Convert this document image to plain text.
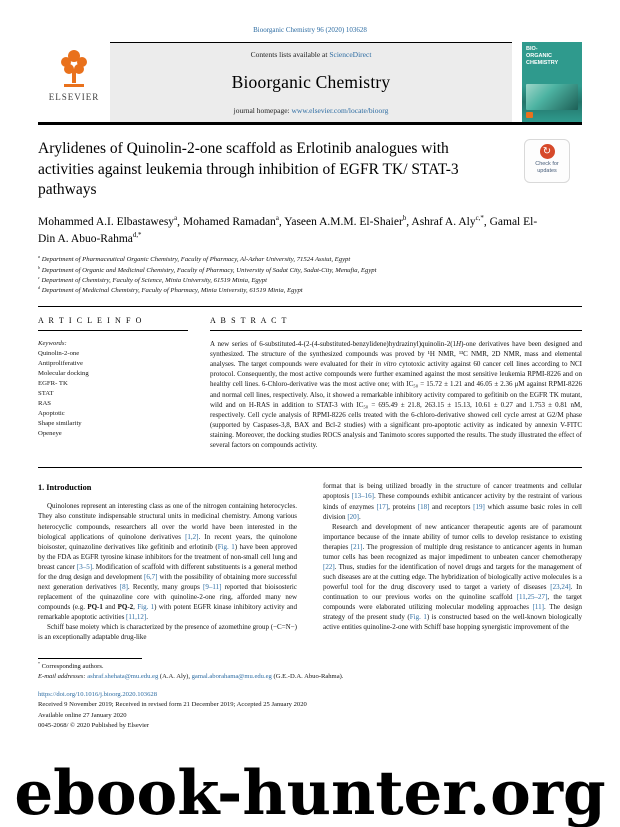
Bioorganic Chemistry 96 (2020) 103628
ELSEVIER
Contents lists available at ScienceDirect
Bioorganic Chemistry
journal homepage: www.elsevier.com/locate/bioorg
BIO-
ORGANIC
CHEMISTRY
Arylidenes of Quinolin-2-one scaffold as Erlotinib analogues with activities against leukemia through inhibition of EGFR TK/ STAT-3 pathways
↻
Check for
updates
Mohammed A.I. Elbastawesy$^a$, Mohamed Ramadan$^a$, Yaseen A.M.M. El-Shaier$^b$, Ashraf A. Aly$^{c,*}$, Gamal El-Din A. Abuo-Rahma$^{d,*}$
$^a$ Department of Pharmaceutical Organic Chemistry, Faculty of Pharmacy, Al-Azhar University, 71524 Assiut, Egypt
$^b$ Department of Organic and Medicinal Chemistry, Faculty of Pharmacy, University of Sadat City, Sadat-City, Menufia, Egypt
$^c$ Department of Chemistry, Faculty of Science, Minia University, 61519 Minia, Egypt
$^d$ Department of Medicinal Chemistry, Faculty of Pharmacy, Minia University, 61519 Minia, Egypt
A R T I C L E I N F O
Keywords:
Quinolin-2-one
Antiproliferative
Molecular docking
EGFR- TK
STAT
RAS
Apoptotic
Shape similarity
Openeye
A B S T R A C T
A new series of 6-substituted-4-(2-(4-substituted-benzylidene)hydrazinyl)quinolin-2(1H)-one derivatives have been designed and synthesized. The structure of the synthesized compounds was proved by ¹H NMR, ¹³C NMR, 2D NMR, mass and elemental analyses. The target compounds were evaluated for their in vitro cytotoxic activity against 60 cancer cell lines according to NCI protocol. Consequently, the most active compounds were further examined against the most sensitive leukemia RPMI-8226 and on healthy cell lines. 6-Chloro-derivative was the most active one; with IC₅₀ = 15.72 ± 1.21 and 46.05 ± 2.36 μM against RPMI-8226 and normal cell lines, respectively. Also, it showed a remarkable inhibitory activity compared to gefitinib on the EGFR TK mutant, wild and on H-RAS in addition to STAT-3 with IC₅₀ = 695.49 ± 21.8, 263.15 ± 15.13, 10.61 ± 0.27 and 1.753 ± 0.81 nM, respectively. Cell cycle analysis of RPMI-8226 cells treated with the 6-chloro-derivative showed cell cycle arrest at G2/M phase (supported by Caspases-3,8, BAX and Bcl-2 studies) with a significant pro-apoptotic activity as indicated by annexin V-FITC staining. Moreover, the docking studies ROCS analysis and Tanimoto scores supported the results. The study illustrated the effect of several factors on compounds activity.
1. Introduction

Quinolones represent an interesting class as one of the nitrogen containing heterocycles. They also constitute indispensable structural units in medicinal chemistry. Among various heterocyclic compounds, researchers all over the world have been interested in the biological applications of quinolone derivatives [1,2]. In recent years, the quinolone bioisoster, quinazoline derivatives like gefitinib and erlotinib (Fig. 1) have been approved by the FDA as EGFR tyrosine kinase inhibitors for the treatment of non-small cell lung and breast cancer [3–5]. Modification of scaffold with different substituents is a general method for the drug design and development [6,7] with the possibility of obtaining more successful next generation derivatives [8]. Recently, many groups [9–11] reported that bioisosteric replacement of the quinazoline core with quinoline-2-one ring, afforded many new compounds (e.g. PQ-1 and PQ-2, Fig. 1) with potent EGFR kinase inhibitory activity and remarkable apoptotic activities [11,12].

Schiff base moiety which is characterized by the presence of azomethine group (−C=N−) is an exceptionally adaptable drug-like

format that is being utilized broadly in the structure of cancer treatments and cellular apoptosis [13–16]. These compounds exhibit anticancer activity by the restraint of various kinds of enzymes [17], proteins [18] and receptors [19] which assume basic roles in cell division [20].

Research and development of new anticancer therapeutic agents are of paramount importance because of the innate ability of tumor cells to develop resistance to existing therapies [21]. The progression of multiple drug resistance to anticancer agents in human tumor cells has been recognized as major impediment to unbeaten cancer chemotherapy [22]. Thus, studies for the identification of novel drugs and targets for the management of such diseases are at the cutting edge. The hybridization of biologically active molecules is a powerful tool for the drug discovery used to target a variety of diseases [23,24]. In continuation to our previous works on the quinoline scaffold [11,25–27], the target compounds were elaborated utilizing molecular modeling approaches [11]. The design strategy of the present study (Fig. 1) is constructed based on the well-known biologically active entities quinoline-2-one with Schiff base hopping synergistic improvement of the

* Corresponding authors.
E-mail addresses: ashraf.shehata@mu.edu.eg (A.A. Aly), gamal.aborahama@mu.edu.eg (G.E.-D.A. Abuo-Rahma).
https://doi.org/10.1016/j.bioorg.2020.103628
Received 9 November 2019; Received in revised form 21 December 2019; Accepted 25 January 2020
Available online 27 January 2020
0045-2068/ © 2020 Published by Elsevier
ebook-hunter.org
